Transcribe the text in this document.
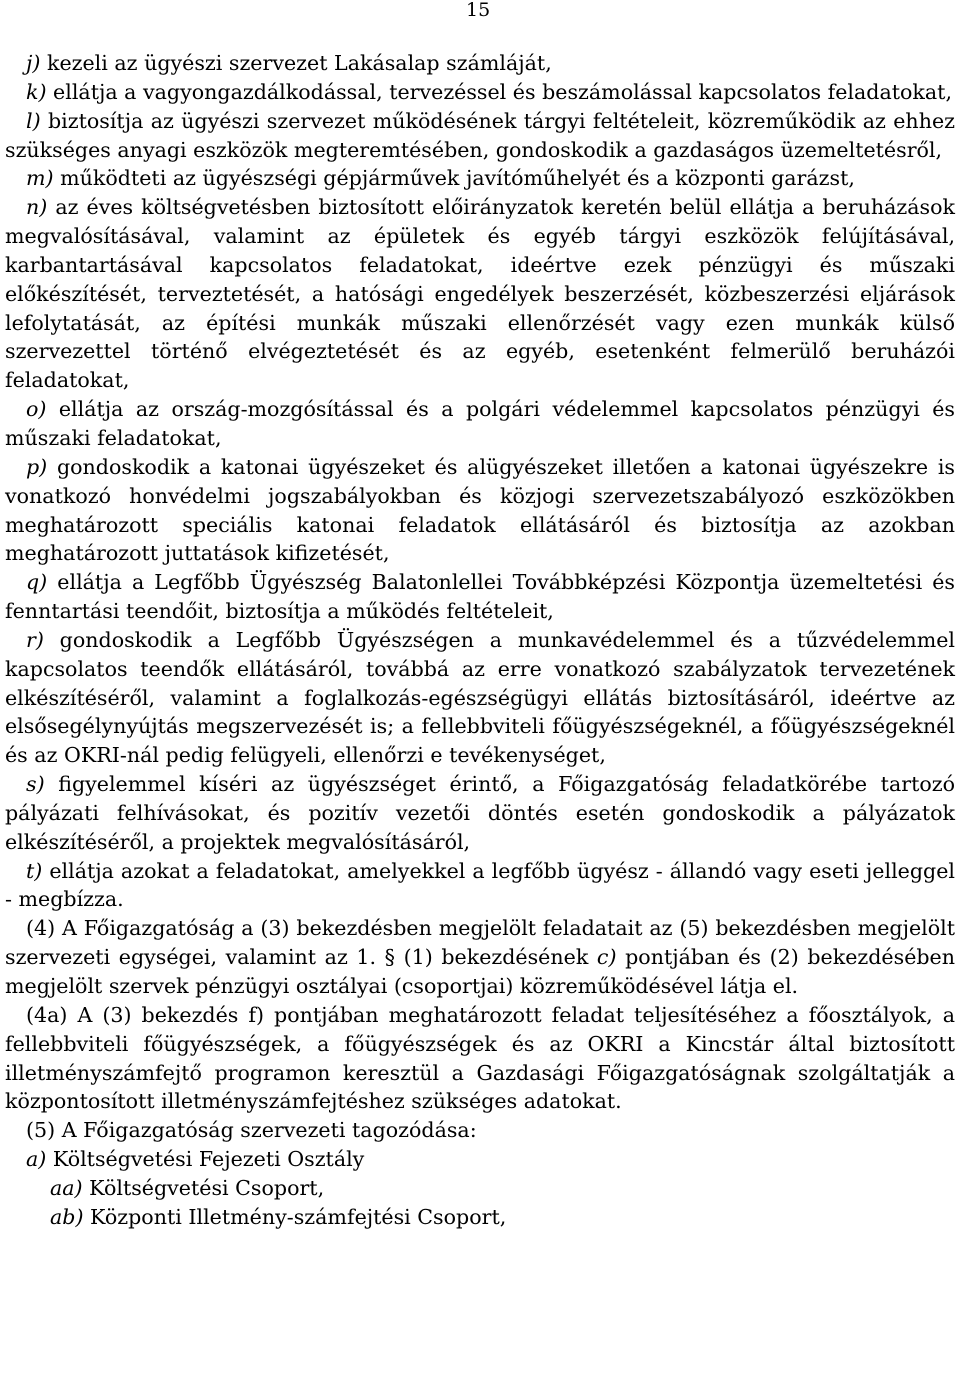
15

j) kezeli az ügyészi szervezet Lakásalap számláját,

k) ellátja a vagyongazdálkodással, tervezéssel és beszámolással kapcsolatos feladatokat,

l) biztosítja az ügyészi szervezet működésének tárgyi feltételeit, közreműködik az ehhez szükséges anyagi eszközök megteremtésében, gondoskodik a gazdaságos üzemeltetésről,

m) működteti az ügyészségi gépjárművek javítóműhelyét és a központi garázst,

n) az éves költségvetésben biztosított előirányzatok keretén belül ellátja a beruházások megvalósításával, valamint az épületek és egyéb tárgyi eszközök felújításával, karbantartásával kapcsolatos feladatokat, ideértve ezek pénzügyi és műszaki előkészítését, terveztetését, a hatósági engedélyek beszerzését, közbeszerzési eljárások lefolytatását, az építési munkák műszaki ellenőrzését vagy ezen munkák külső szervezettel történő elvégeztetését és az egyéb, esetenként felmerülő beruházói feladatokat,

o) ellátja az ország-mozgósítással és a polgári védelemmel kapcsolatos pénzügyi és műszaki feladatokat,

p) gondoskodik a katonai ügyészeket és alügyészeket illetően a katonai ügyészekre is vonatkozó honvédelmi jogszabályokban és közjogi szervezetszabályozó eszközökben meghatározott speciális katonai feladatok ellátásáról és biztosítja az azokban meghatározott juttatások kifizetését,

q) ellátja a Legfőbb Ügyészség Balatonlellei Továbbképzési Központja üzemeltetési és fenntartási teendőit, biztosítja a működés feltételeit,

r) gondoskodik a Legfőbb Ügyészségen a munkavédelemmel és a tűzvédelemmel kapcsolatos teendők ellátásáról, továbbá az erre vonatkozó szabályzatok tervezetének elkészítéséről, valamint a foglalkozás-egészségügyi ellátás biztosításáról, ideértve az elsősegélynyújtás megszervezését is; a fellebbviteli főügyészségeknél, a főügyészségeknél és az OKRI-nál pedig felügyeli, ellenőrzi e tevékenységet,

s) figyelemmel kíséri az ügyészséget érintő, a Főigazgatóság feladatkörébe tartozó pályázati felhívásokat, és pozitív vezetői döntés esetén gondoskodik a pályázatok elkészítéséről, a projektek megvalósításáról,

t) ellátja azokat a feladatokat, amelyekkel a legfőbb ügyész - állandó vagy eseti jelleggel - megbízza.

(4) A Főigazgatóság a (3) bekezdésben megjelölt feladatait az (5) bekezdésben megjelölt szervezeti egységei, valamint az 1. § (1) bekezdésének c) pontjában és (2) bekezdésében megjelölt szervek pénzügyi osztályai (csoportjai) közreműködésével látja el.

(4a) A (3) bekezdés f) pontjában meghatározott feladat teljesítéséhez a főosztályok, a fellebbviteli főügyészségek, a főügyészségek és az OKRI a Kincstár által biztosított illetményszámfejtő programon keresztül a Gazdasági Főigazgatóságnak szolgáltatják a központosított illetményszámfejtéshez szükséges adatokat.

(5) A Főigazgatóság szervezeti tagozódása:

a) Költségvetési Fejezeti Osztály

aa) Költségvetési Csoport,

ab) Központi Illetmény-számfejtési Csoport,
